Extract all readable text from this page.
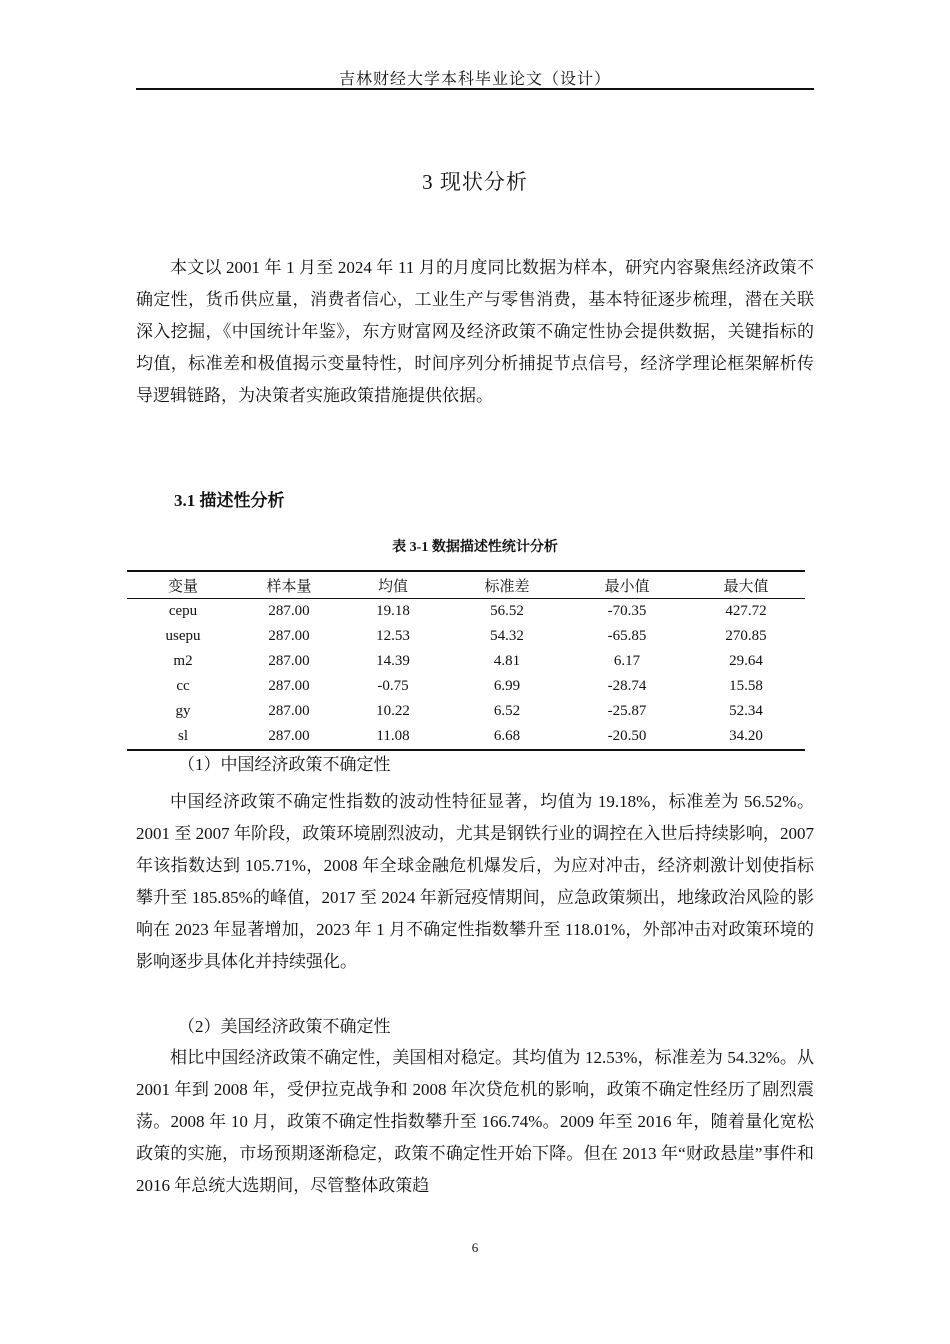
吉林财经大学本科毕业论文（设计）
3 现状分析

本文以 2001 年 1 月至 2024 年 11 月的月度同比数据为样本，研究内容聚焦经济政策不确定性，货币供应量，消费者信心，工业生产与零售消费，基本特征逐步梳理，潜在关联深入挖掘，《中国统计年鉴》，东方财富网及经济政策不确定性协会提供数据，关键指标的均值，标准差和极值揭示变量特性，时间序列分析捕捉节点信号，经济学理论框架解析传导逻辑链路，为决策者实施政策措施提供依据。

3.1 描述性分析
表 3-1 数据描述性统计分析
变量	样本量	均值	标准差	最小值	最大值
cepu	287.00	19.18	56.52	-70.35	427.72
usepu	287.00	12.53	54.32	-65.85	270.85
m2	287.00	14.39	4.81	6.17	29.64
cc	287.00	-0.75	6.99	-28.74	15.58
gy	287.00	10.22	6.52	-25.87	52.34
sl	287.00	11.08	6.68	-20.50	34.20
（1）中国经济政策不确定性

中国经济政策不确定性指数的波动性特征显著，均值为 19.18%，标准差为 56.52%。2001 至 2007 年阶段，政策环境剧烈波动，尤其是钢铁行业的调控在入世后持续影响，2007 年该指数达到 105.71%，2008 年全球金融危机爆发后，为应对冲击，经济刺激计划使指标攀升至 185.85%的峰值，2017 至 2024 年新冠疫情期间，应急政策频出，地缘政治风险的影响在 2023 年显著增加，2023 年 1 月不确定性指数攀升至 118.01%，外部冲击对政策环境的影响逐步具体化并持续强化。

（2）美国经济政策不确定性

相比中国经济政策不确定性，美国相对稳定。其均值为 12.53%，标准差为 54.32%。从 2001 年到 2008 年，受伊拉克战争和 2008 年次贷危机的影响，政策不确定性经历了剧烈震荡。2008 年 10 月，政策不确定性指数攀升至 166.74%。2009 年至 2016 年，随着量化宽松政策的实施，市场预期逐渐稳定，政策不确定性开始下降。但在 2013 年“财政悬崖”事件和 2016 年总统大选期间，尽管整体政策趋

6
